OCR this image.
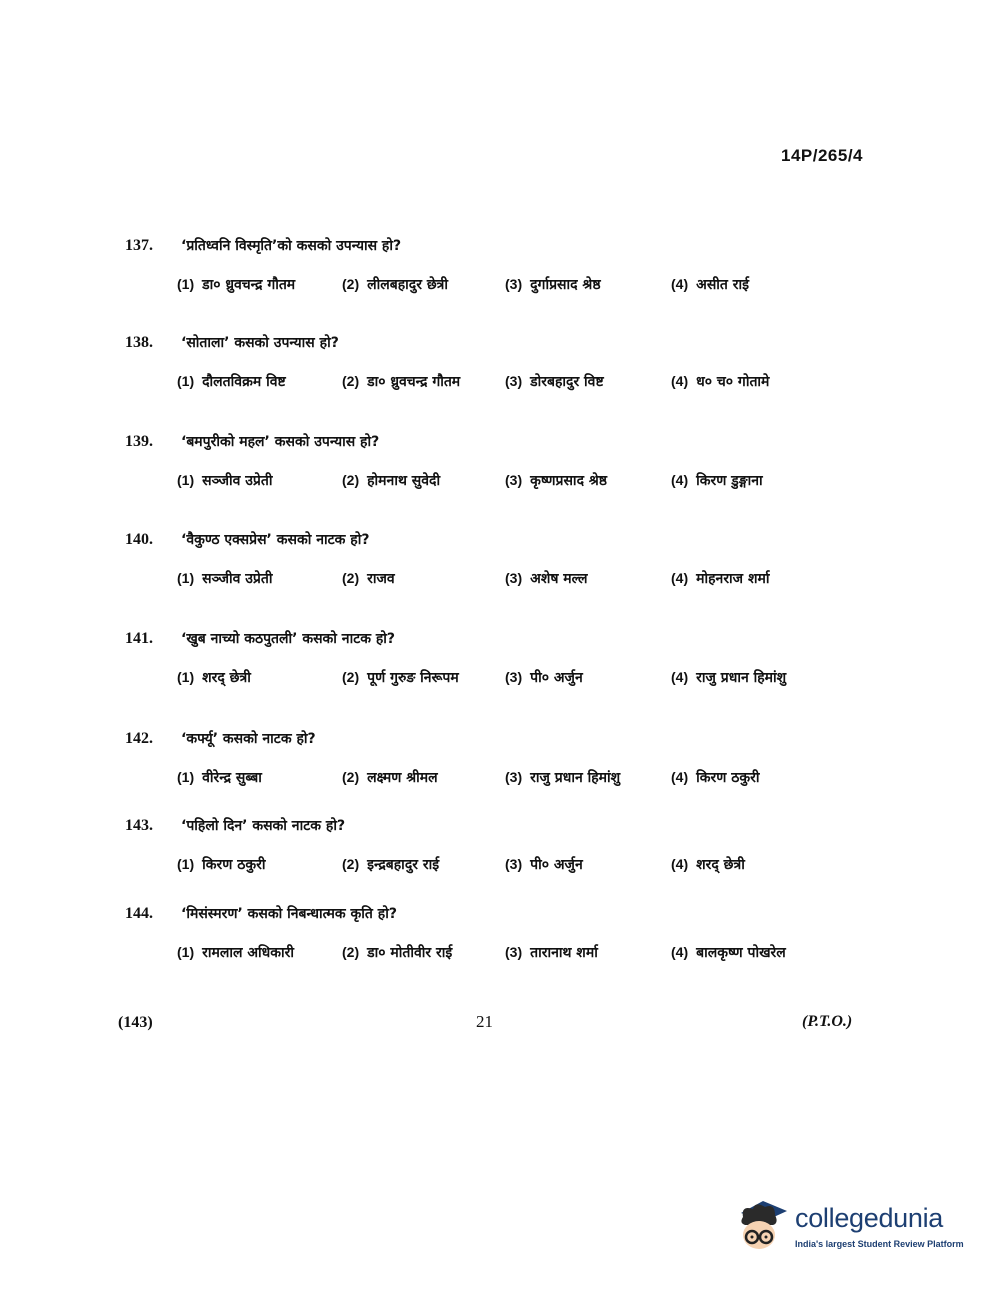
14P/265/4
137.	‘प्रतिध्वनि विस्मृति’को कसको उपन्यास हो?
(1) डा० ध्रुवचन्द्र गौतम	(2) लीलबहादुर छेत्री	(3) दुर्गाप्रसाद श्रेष्ठ	(4) असीत राई
138.	‘सोताला’ कसको उपन्यास हो?
(1) दौलतविक्रम विष्ट	(2) डा० ध्रुवचन्द्र गौतम	(3) डोरबहादुर विष्ट	(4) ध० च० गोतामे
139.	‘बमपुरीको महल’ कसको उपन्यास हो?
(1) सञ्जीव उप्रेती	(2) होमनाथ सुवेदी	(3) कृष्णप्रसाद श्रेष्ठ	(4) किरण डुङ्गाना
140.	‘वैकुण्ठ एक्सप्रेस’ कसको नाटक हो?
(1) सञ्जीव उप्रेती	(2) राजव	(3) अशेष मल्ल	(4) मोहनराज शर्मा
141.	‘खुब नाच्यो कठपुतली’ कसको नाटक हो?
(1) शरद् छेत्री	(2) पूर्ण गुरुङ निरूपम	(3) पी० अर्जुन	(4) राजु प्रधान हिमांशु
142.	‘कर्फ्यू’ कसको नाटक हो?
(1) वीरेन्द्र सुब्बा	(2) लक्ष्मण श्रीमल	(3) राजु प्रधान हिमांशु	(4) किरण ठकुरी
143.	‘पहिलो दिन’ कसको नाटक हो?
(1) किरण ठकुरी	(2) इन्द्रबहादुर राई	(3) पी० अर्जुन	(4) शरद् छेत्री
144.	‘मिसंस्मरण’ कसको निबन्धात्मक कृति हो?
(1) रामलाल अधिकारी	(2) डा० मोतीवीर राई	(3) तारानाथ शर्मा	(4) बालकृष्ण पोखरेल
(143)	21	(P.T.O.)
collegedunia
India's largest Student Review Platform
